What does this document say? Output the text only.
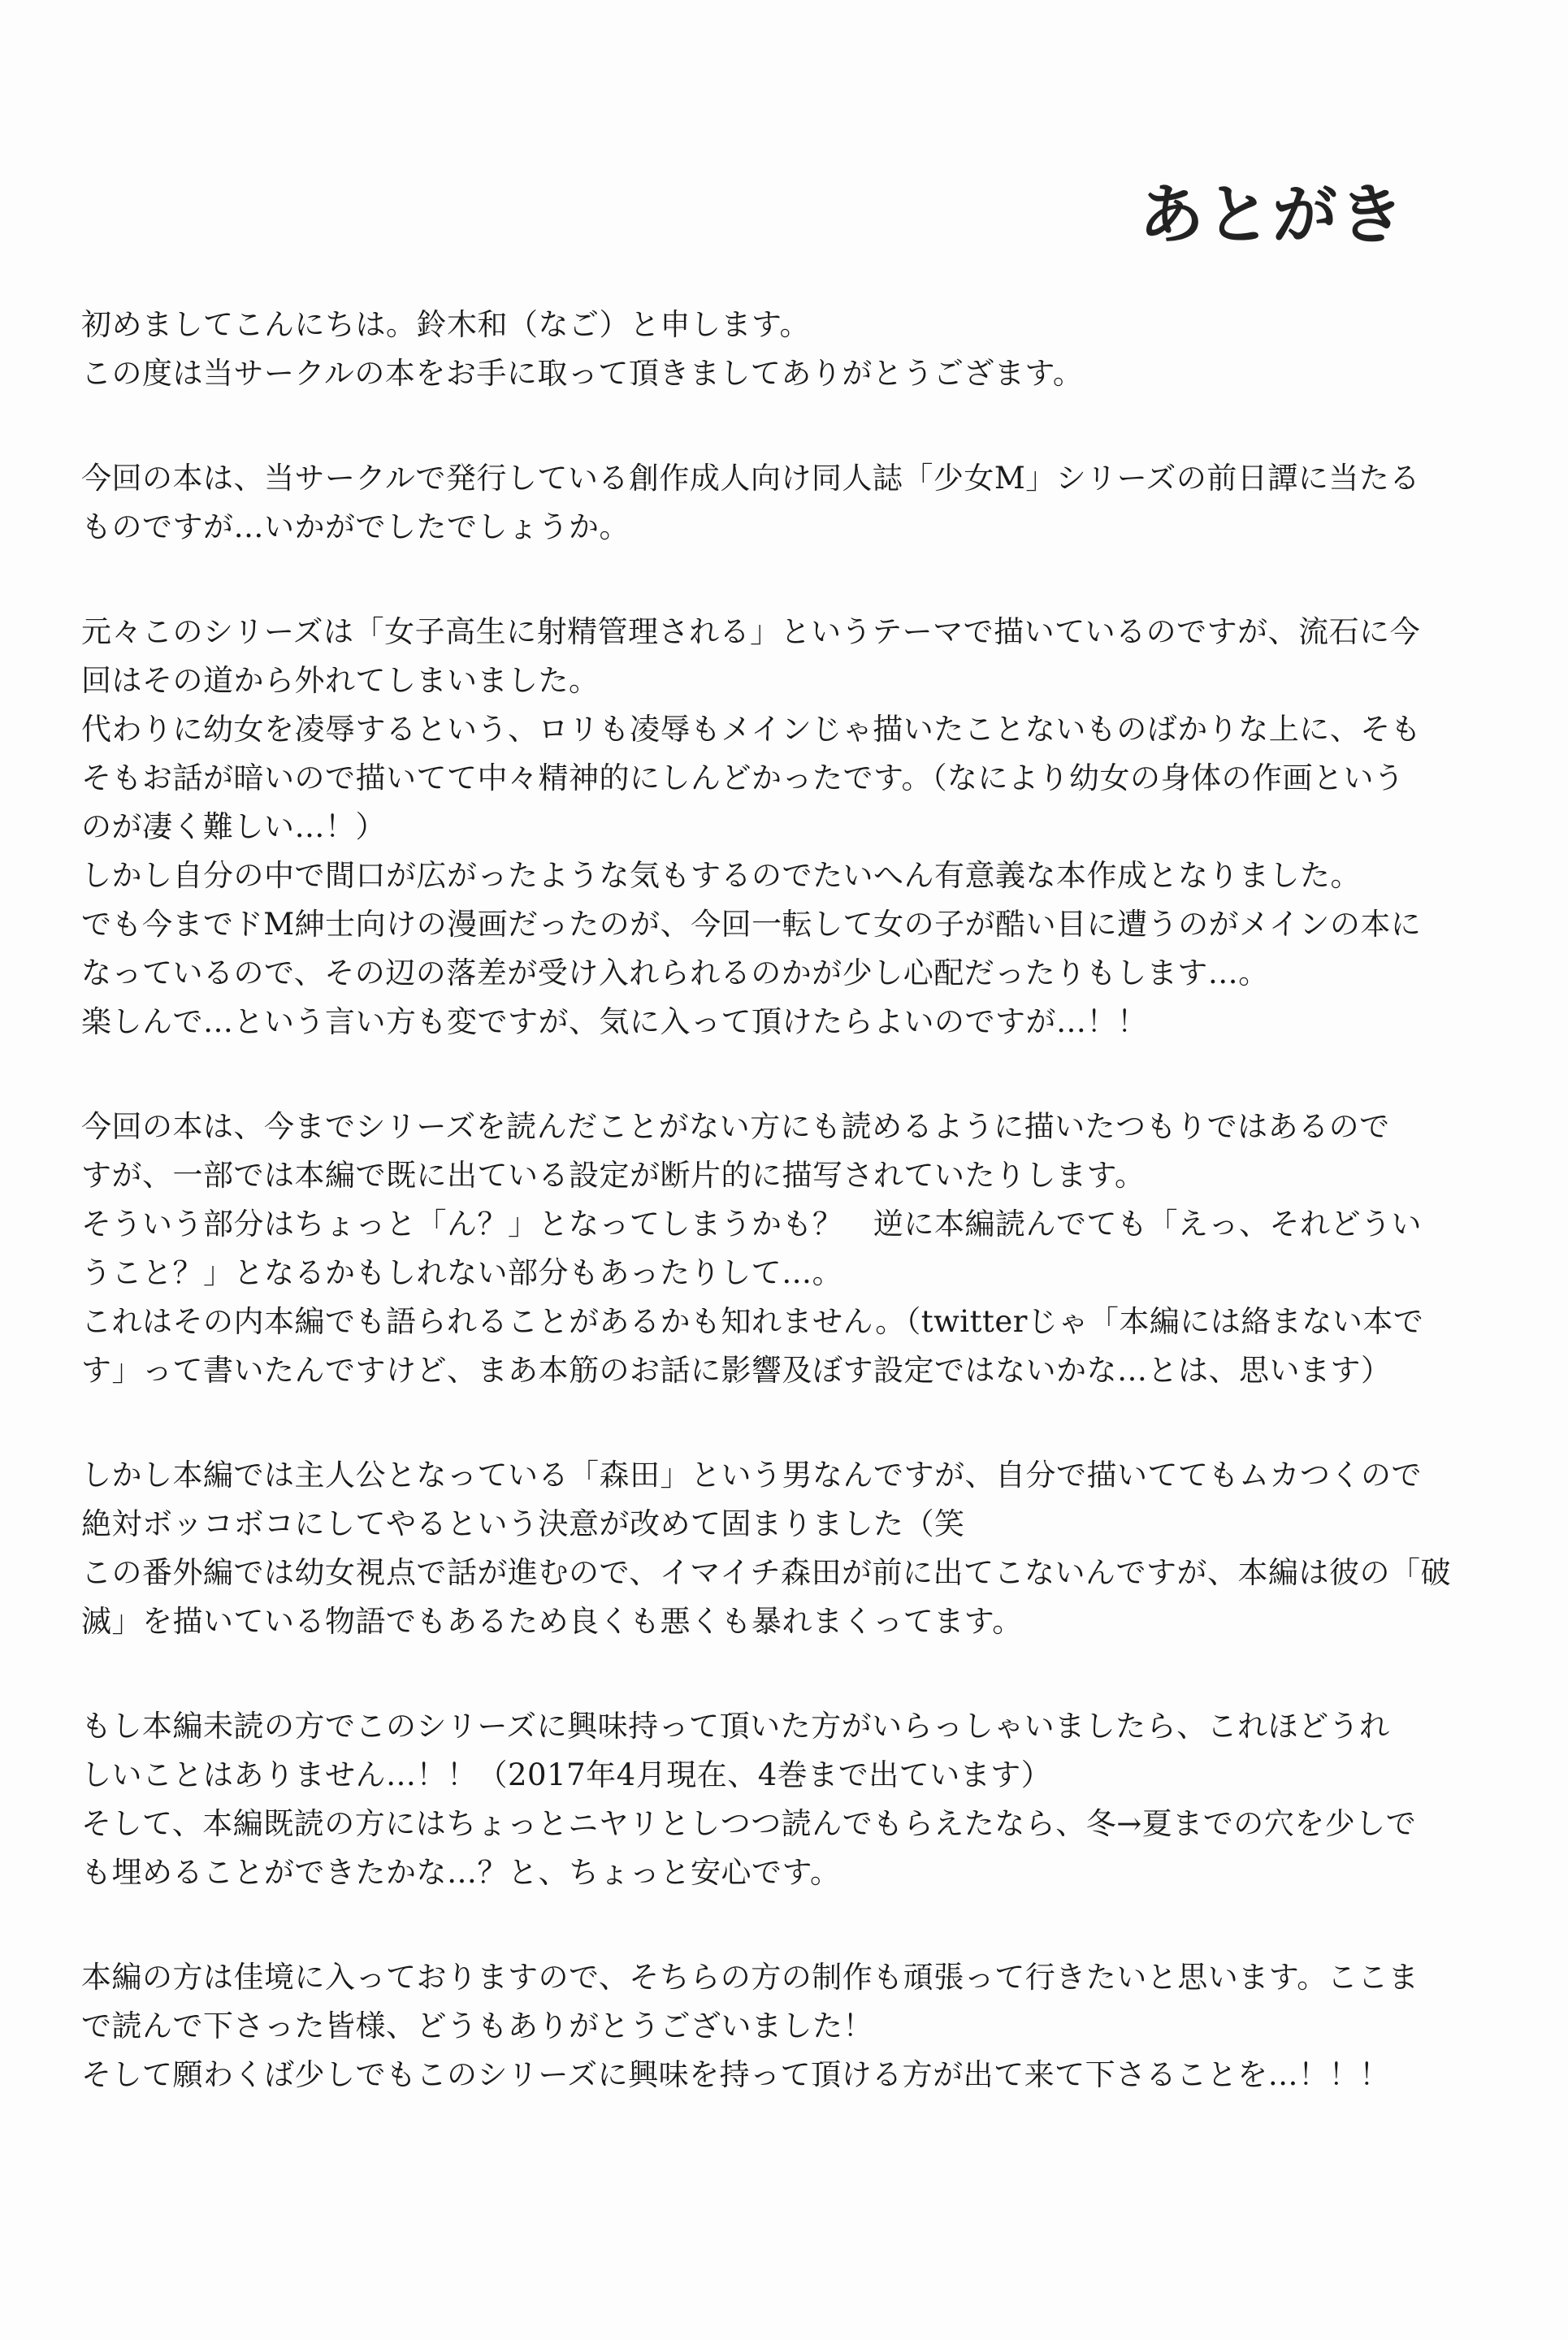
あとがき

初めましてこんにちは。鈴木和（なご）と申します。
この度は当サークルの本をお手に取って頂きましてありがとうござます。

今回の本は、当サークルで発行している創作成人向け同人誌「少女M」シリーズの前日譚に当たる
ものですが…いかがでしたでしょうか。

元々このシリーズは「女子高生に射精管理される」というテーマで描いているのですが、流石に今
回はその道から外れてしまいました。
代わりに幼女を凌辱するという、ロリも凌辱もメインじゃ描いたことないものばかりな上に、そも
そもお話が暗いので描いてて中々精神的にしんどかったです。（なにより幼女の身体の作画という
のが凄く難しい…！）
しかし自分の中で間口が広がったような気もするのでたいへん有意義な本作成となりました。
でも今までドM紳士向けの漫画だったのが、今回一転して女の子が酷い目に遭うのがメインの本に
なっているので、その辺の落差が受け入れられるのかが少し心配だったりもします…。
楽しんで…という言い方も変ですが、気に入って頂けたらよいのですが…！！

今回の本は、今までシリーズを読んだことがない方にも読めるように描いたつもりではあるので
すが、一部では本編で既に出ている設定が断片的に描写されていたりします。
そういう部分はちょっと「ん？」となってしまうかも？　逆に本編読んでても「えっ、それどうい
うこと？」となるかもしれない部分もあったりして…。
これはその内本編でも語られることがあるかも知れません。（twitterじゃ「本編には絡まない本で
す」って書いたんですけど、まあ本筋のお話に影響及ぼす設定ではないかな…とは、思います）

しかし本編では主人公となっている「森田」という男なんですが、自分で描いててもムカつくので
絶対ボッコボコにしてやるという決意が改めて固まりました（笑
この番外編では幼女視点で話が進むので、イマイチ森田が前に出てこないんですが、本編は彼の「破
滅」を描いている物語でもあるため良くも悪くも暴れまくってます。

もし本編未読の方でこのシリーズに興味持って頂いた方がいらっしゃいましたら、これほどうれ
しいことはありません…！！（2017年4月現在、4巻まで出ています）
そして、本編既読の方にはちょっとニヤリとしつつ読んでもらえたなら、冬→夏までの穴を少しで
も埋めることができたかな…？と、ちょっと安心です。

本編の方は佳境に入っておりますので、そちらの方の制作も頑張って行きたいと思います。ここま
で読んで下さった皆様、どうもありがとうございました！
そして願わくば少しでもこのシリーズに興味を持って頂ける方が出て来て下さることを…！！！
